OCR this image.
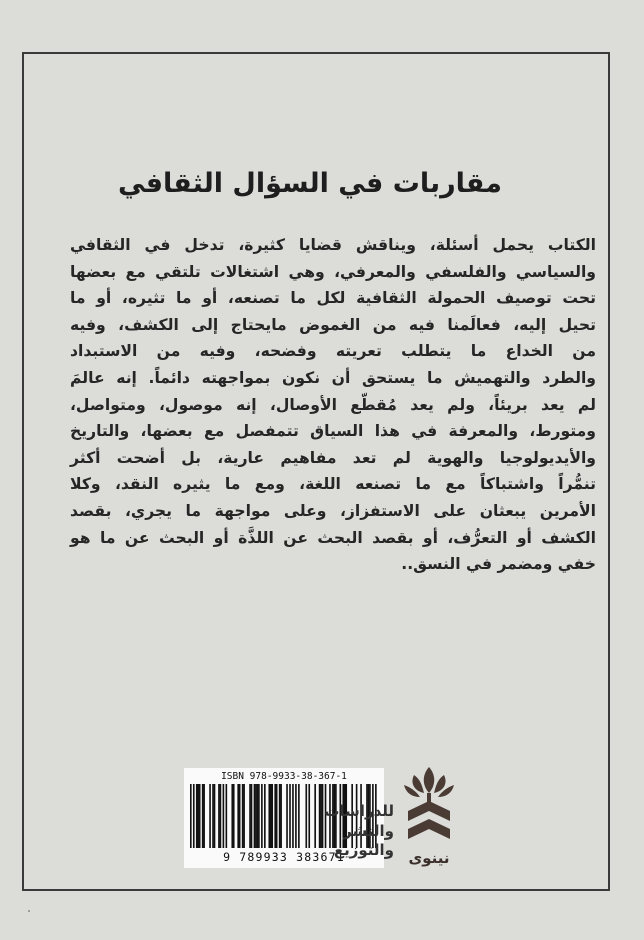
مقاربات في السؤال الثقافي
الكتاب يحمل أسئلة، ويناقش قضايا كثيرة، تدخل في الثقافي
والسياسي والفلسفي والمعرفي، وهي اشتغالات تلتقي مع بعضها
تحت توصيف الحمولة الثقافية لكل ما تصنعه، أو ما تثيره، أو ما
تحيل إليه، فعالَمنا فيه من الغموض مايحتاج إلى الكشف، وفيه
من الخداع ما يتطلب تعريته وفضحه، وفيه من الاستبداد
والطرد والتهميش ما يستحق أن نكون بمواجهته دائماً. إنه عالمَ
لم يعد بريئاً، ولم يعد مُقطّع الأوصال، إنه موصول، ومتواصل،
ومتورط، والمعرفة في هذا السياق تتمفصل مع بعضها، والتاريخ
والأيديولوجيا والهوية لم تعد مفاهيم عارية، بل أضحت أكثر
تنمُّراً واشتباكاً مع ما تصنعه اللغة، ومع ما يثيره النقد، وكلا
الأمرين يبعثان على الاستفزاز، وعلى مواجهة ما يجري، بقصد
الكشف أو التعرُّف، أو بقصد البحث عن اللذَّة أو البحث عن ما هو
خفي ومضمر في النسق..
ISBN 978-9933-38-367-1
9 789933 383671
للدراسات
والنشر
والتوزيع نينوى
